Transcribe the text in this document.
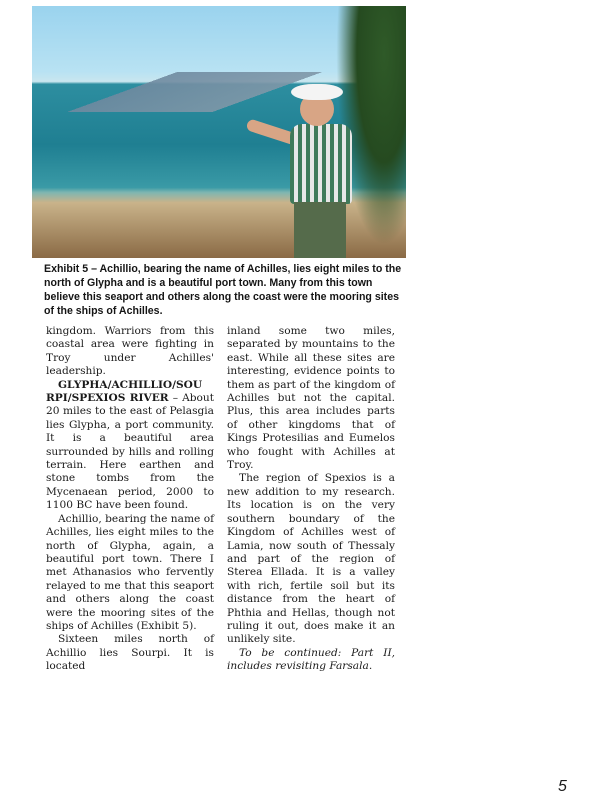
Exhibit 5 – Achillio, bearing the name of Achilles, lies eight miles to the north of Glypha and is a beautiful port town. Many from this town believe this seaport and others along the coast were the mooring sites of the ships of Achilles.

kingdom. Warriors from this coastal area were fighting in Troy under Achilles' leadership.

GLYPHA/ACHILLIO/SOU RPI/SPEXIOS RIVER – About 20 miles to the east of Pelasgia lies Glypha, a port community. It is a beautiful area surrounded by hills and rolling terrain. Here earthen and stone tombs from the Mycenaean period, 2000 to 1100 BC have been found.

Achillio, bearing the name of Achilles, lies eight miles to the north of Glypha, again, a beautiful port town. There I met Athanasios who fervently relayed to me that this seaport and others along the coast were the mooring sites of the ships of Achilles (Exhibit 5).

Sixteen miles north of Achillio lies Sourpi. It is located

inland some two miles, separated by mountains to the east. While all these sites are interesting, evidence points to them as part of the kingdom of Achilles but not the capital. Plus, this area includes parts of other kingdoms that of Kings Protesilias and Eumelos who fought with Achilles at Troy.

The region of Spexios is a new addition to my research. Its location is on the very southern boundary of the Kingdom of Achilles west of Lamia, now south of Thessaly and part of the region of Sterea Ellada. It is a valley with rich, fertile soil but its distance from the heart of Phthia and Hellas, though not ruling it out, does make it an unlikely site.

To be continued: Part II, includes revisiting Farsala.

5
